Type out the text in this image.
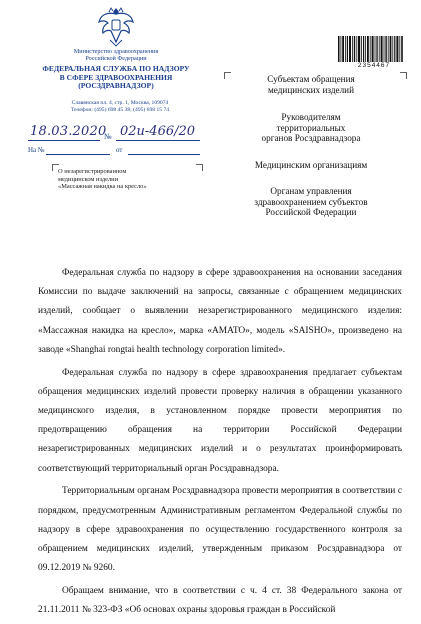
Министерство здравоохранения
Российской Федерации
ФЕДЕРАЛЬНАЯ СЛУЖБА ПО НАДЗОРУ
В СФЕРЕ ЗДРАВООХРАНЕНИЯ
(РОСЗДРАВНАДЗОР)
Славянская пл. 4, стр. 1, Москва, 109074
Телефон: (495) 698 45 38; (495) 698 15 74
18.03.2020
№ 02u-466/20
На №	от
О незарегистрированном
медицинском изделии
«Массажная накидка на кресло»
2354467
Субъектам обращения
медицинских изделий
Руководителям
территориальных
органов Росздравнадзора
Медицинским организациям
Органам управления
здравоохранением субъектов
Российской Федерации

Федеральная служба по надзору в сфере здравоохранения на основании заседания Комиссии по выдаче заключений на запросы, связанные с обращением медицинских изделий, сообщает о выявлении незарегистрированного медицинского изделия: «Массажная накидка на кресло», марка «AMATO», модель «SAISHO», произведено на заводе «Shanghai rongtai health technology corporation limited».

Федеральная служба по надзору в сфере здравоохранения предлагает субъектам обращения медицинских изделий провести проверку наличия в обращении указанного медицинского изделия, в установленном порядке провести мероприятия по предотвращению обращения на территории Российской Федерации незарегистрированных медицинских изделий и о результатах проинформировать соответствующий территориальный орган Росздравнадзора.

Территориальным органам Росздравнадзора провести мероприятия в соответствии с порядком, предусмотренным Административным регламентом Федеральной службы по надзору в сфере здравоохранения по осуществлению государственного контроля за обращением медицинских изделий, утвержденным приказом Росздравнадзора от 09.12.2019 № 9260.

Обращаем внимание, что в соответствии с ч. 4 ст. 38 Федерального закона от 21.11.2011 № 323-ФЗ «Об основах охраны здоровья граждан в Российской
